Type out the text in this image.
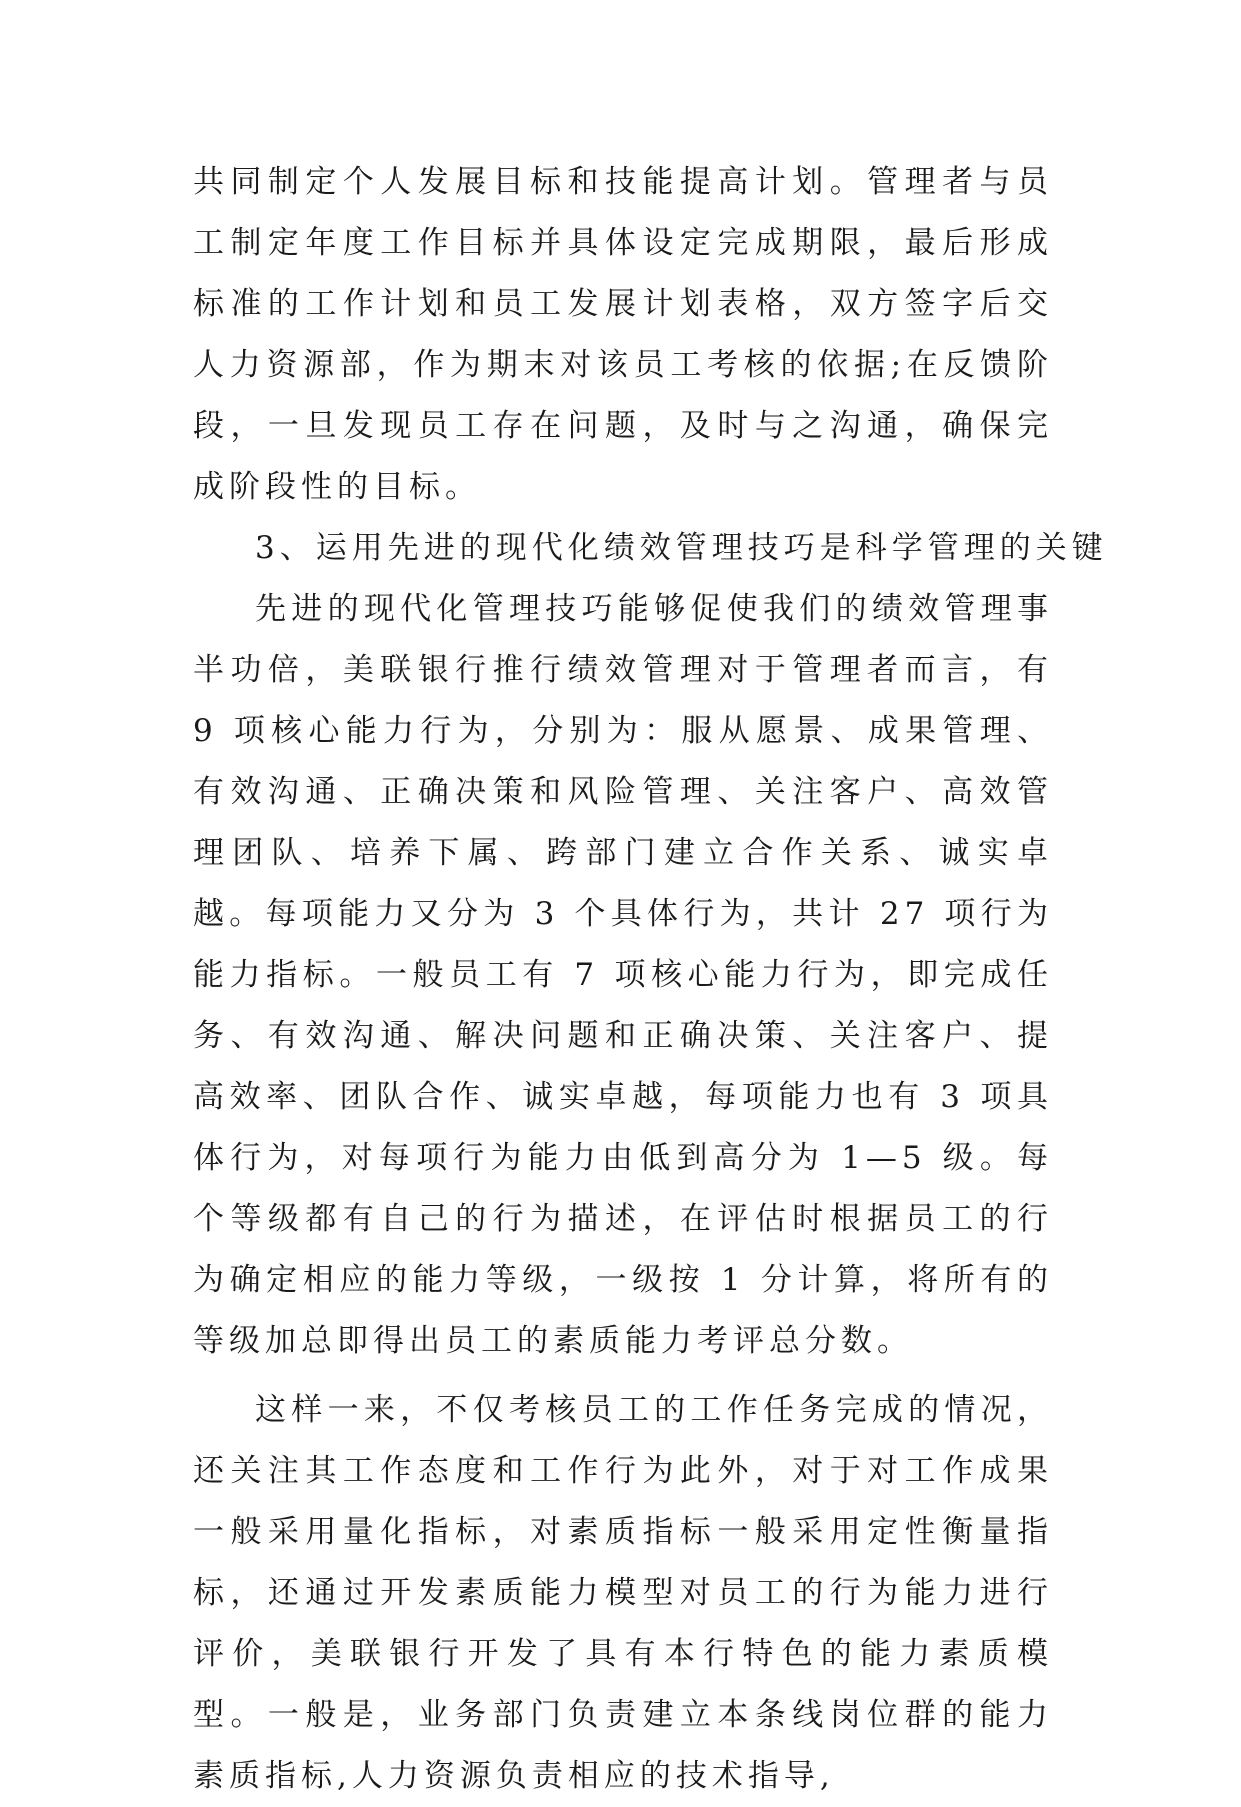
共同制定个人发展目标和技能提高计划。管理者与员工制定年度工作目标并具体设定完成期限，最后形成标准的工作计划和员工发展计划表格，双方签字后交人力资源部，作为期末对该员工考核的依据;在反馈阶段，一旦发现员工存在问题，及时与之沟通，确保完成阶段性的目标。

3、运用先进的现代化绩效管理技巧是科学管理的关键

先进的现代化管理技巧能够促使我们的绩效管理事半功倍，美联银行推行绩效管理对于管理者而言，有 9 项核心能力行为，分别为：服从愿景、成果管理、有效沟通、正确决策和风险管理、关注客户、高效管理团队、培养下属、跨部门建立合作关系、诚实卓越。每项能力又分为 3 个具体行为，共计 27 项行为能力指标。一般员工有 7 项核心能力行为，即完成任务、有效沟通、解决问题和正确决策、关注客户、提高效率、团队合作、诚实卓越，每项能力也有 3 项具体行为，对每项行为能力由低到高分为 1—5 级。每个等级都有自己的行为描述，在评估时根据员工的行为确定相应的能力等级，一级按 1 分计算，将所有的等级加总即得出员工的素质能力考评总分数。

这样一来，不仅考核员工的工作任务完成的情况，还关注其工作态度和工作行为此外，对于对工作成果一般采用量化指标，对素质指标一般采用定性衡量指标，还通过开发素质能力模型对员工的行为能力进行评价，美联银行开发了具有本行特色的能力素质模型。一般是，业务部门负责建立本条线岗位群的能力素质指标,人力资源负责相应的技术指导,
